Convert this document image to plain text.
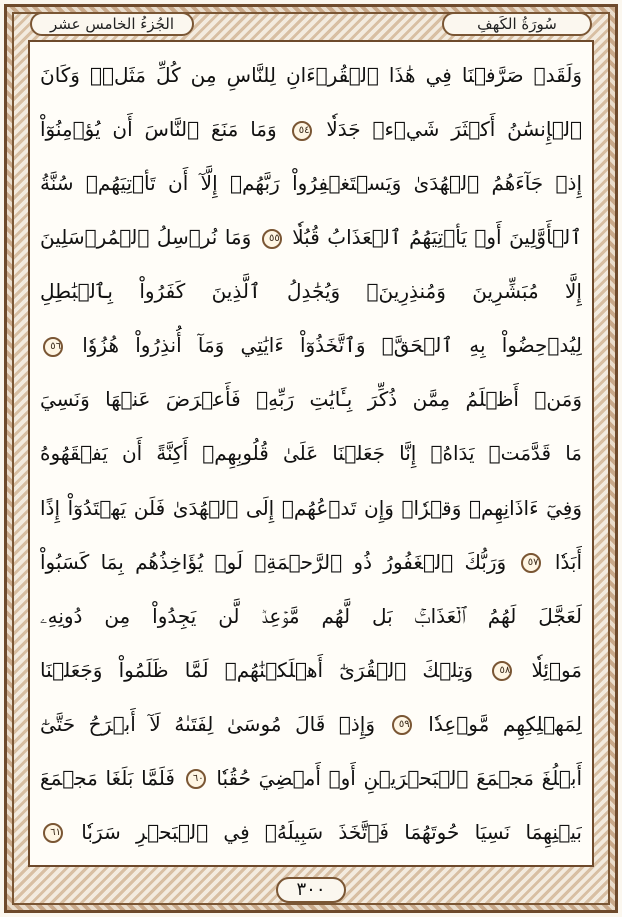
سُورَةُ الكَهفِ
الجُزءُ الخامس عشر
وَلَقَدۡ صَرَّفۡنَا فِي هَٰذَا ٱلۡقُرۡءَانِ لِلنَّاسِ مِن كُلِّ مَثَلٖۚ وَكَانَ
ٱلۡإِنسَٰنُ أَكۡثَرَ شَيۡءٖ جَدَلٗا ٥٤ وَمَا مَنَعَ ٱلنَّاسَ أَن يُؤۡمِنُوٓاْ
إِذۡ جَآءَهُمُ ٱلۡهُدَىٰ وَيَسۡتَغۡفِرُواْ رَبَّهُمۡ إِلَّآ أَن تَأۡتِيَهُمۡ سُنَّةُ
ٱلۡأَوَّلِينَ أَوۡ يَأۡتِيَهُمُ ٱلۡعَذَابُ قُبُلٗا ٥٥ وَمَا نُرۡسِلُ ٱلۡمُرۡسَلِينَ
إِلَّا مُبَشِّرِينَ وَمُنذِرِينَۚ وَيُجَٰدِلُ ٱلَّذِينَ كَفَرُواْ بِٱلۡبَٰطِلِ
لِيُدۡحِضُواْ بِهِ ٱلۡحَقَّۖ وَٱتَّخَذُوٓاْ ءَايَٰتِي وَمَآ أُنذِرُواْ هُزُوٗا ٥٦
وَمَنۡ أَظۡلَمُ مِمَّن ذُكِّرَ بِـَٔايَٰتِ رَبِّهِۦ فَأَعۡرَضَ عَنۡهَا وَنَسِيَ
مَا قَدَّمَتۡ يَدَاهُۚ إِنَّا جَعَلۡنَا عَلَىٰ قُلُوبِهِمۡ أَكِنَّةً أَن يَفۡقَهُوهُ
وَفِيٓ ءَاذَانِهِمۡ وَقۡرٗاۖ وَإِن تَدۡعُهُمۡ إِلَى ٱلۡهُدَىٰ فَلَن يَهۡتَدُوٓاْ إِذًا
أَبَدٗا ٥٧ وَرَبُّكَ ٱلۡغَفُورُ ذُو ٱلرَّحۡمَةِۖ لَوۡ يُؤَاخِذُهُم بِمَا كَسَبُواْ
لَعَجَّلَ لَهُمُ ٱلۡعَذَابَۚ بَل لَّهُم مَّوۡعِدٞ لَّن يَجِدُواْ مِن دُونِهِۦ
مَوۡئِلٗا ٥٨ وَتِلۡكَ ٱلۡقُرَىٰٓ أَهۡلَكۡنَٰهُمۡ لَمَّا ظَلَمُواْ وَجَعَلۡنَا
لِمَهۡلِكِهِم مَّوۡعِدٗا ٥٩ وَإِذۡ قَالَ مُوسَىٰ لِفَتَىٰهُ لَآ أَبۡرَحُ حَتَّىٰٓ
أَبۡلُغَ مَجۡمَعَ ٱلۡبَحۡرَيۡنِ أَوۡ أَمۡضِيَ حُقُبٗا ٦٠ فَلَمَّا بَلَغَا مَجۡمَعَ
بَيۡنِهِمَا نَسِيَا حُوتَهُمَا فَٱتَّخَذَ سَبِيلَهُۥ فِي ٱلۡبَحۡرِ سَرَبٗا ٦١
٣٠٠
